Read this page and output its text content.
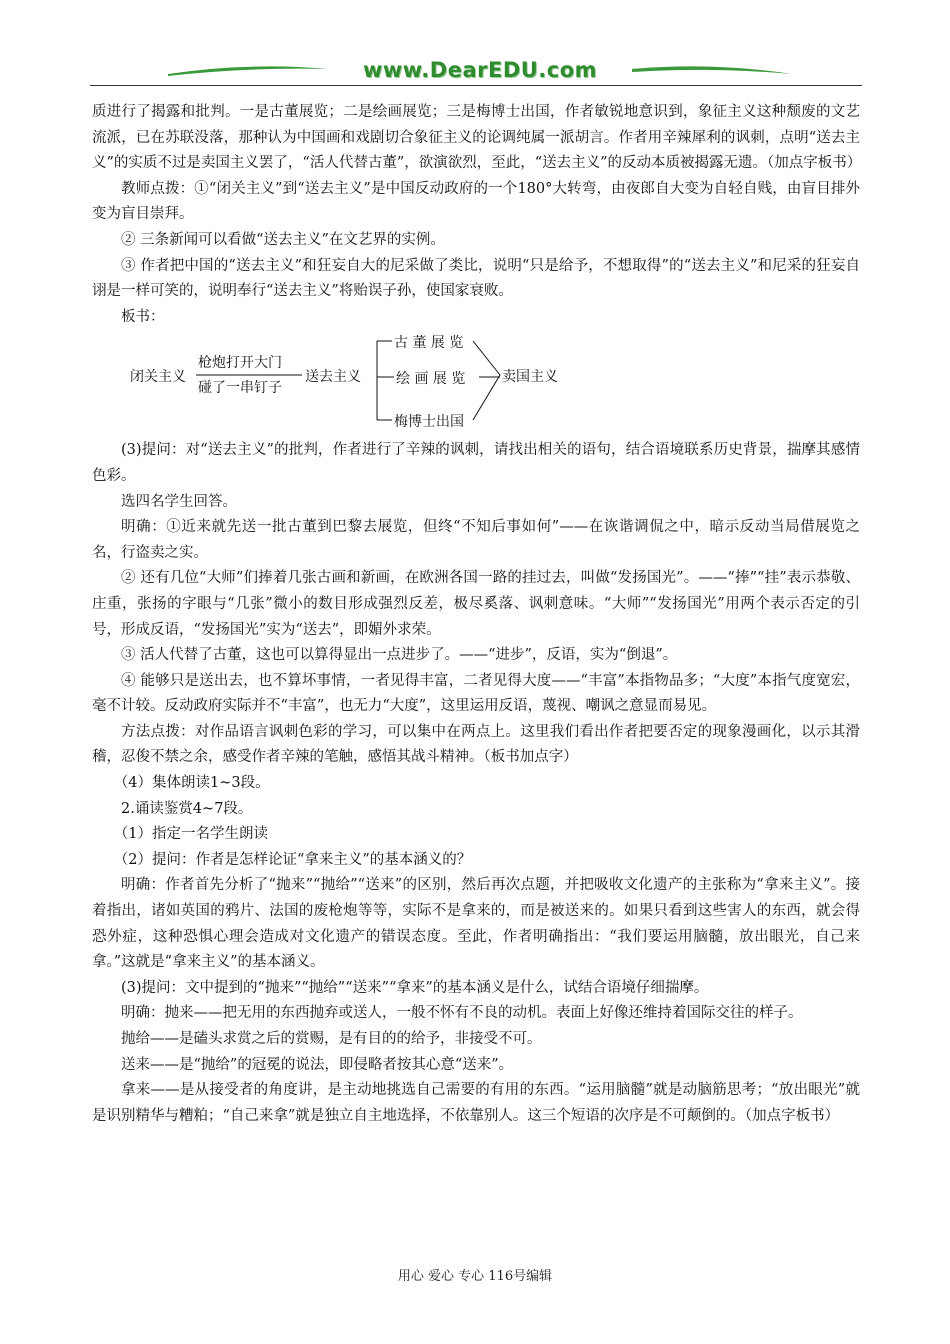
www.DearEDU.com

质进行了揭露和批判。一是古董展览；二是绘画展览；三是梅博士出国，作者敏锐地意识到，象征主义这种颓废的文艺流派，已在苏联没落，那种认为中国画和戏剧切合象征主义的论调纯属一派胡言。作者用辛辣犀利的讽刺，点明“送去主义”的实质不过是卖国主义罢了，“活人代替古董”，欲演欲烈，至此，“送去主义”的反动本质被揭露无遗。（加点字板书）

教师点拨：①“闭关主义”到“送去主义”是中国反动政府的一个180°大转弯，由夜郎自大变为自轻自贱，由盲目排外变为盲目崇拜。

② 三条新闻可以看做“送去主义”在文艺界的实例。

③ 作者把中国的“送去主义”和狂妄自大的尼采做了类比，说明“只是给予，不想取得”的“送去主义”和尼采的狂妄自诩是一样可笑的，说明奉行“送去主义”将贻误子孙，使国家衰败。

板书：

闭关主义
枪炮打开大门
碰了一串钉子
送去主义
古 董 展 览
绘 画 展 览
梅博士出国
卖国主义

(3)提问：对“送去主义”的批判，作者进行了辛辣的讽刺，请找出相关的语句，结合语境联系历史背景，揣摩其感情色彩。

选四名学生回答。

明确：①近来就先送一批古董到巴黎去展览，但终“不知后事如何”——在诙谐调侃之中，暗示反动当局借展览之名，行盗卖之实。

② 还有几位“大师”们捧着几张古画和新画，在欧洲各国一路的挂过去，叫做“发扬国光”。——“捧”“挂”表示恭敬、庄重，张扬的字眼与“几张”微小的数目形成强烈反差，极尽奚落、讽刺意味。“大师”“发扬国光”用两个表示否定的引号，形成反语，“发扬国光”实为“送去”，即媚外求荣。

③ 活人代替了古董，这也可以算得显出一点进步了。——“进步”，反语，实为“倒退”。

④ 能够只是送出去，也不算坏事情，一者见得丰富，二者见得大度——“丰富”本指物品多；“大度”本指气度宽宏，毫不计较。反动政府实际并不“丰富”，也无力“大度”，这里运用反语，蔑视、嘲讽之意显而易见。

方法点拨：对作品语言讽刺色彩的学习，可以集中在两点上。这里我们看出作者把要否定的现象漫画化，以示其滑稽，忍俊不禁之余，感受作者辛辣的笔触，感悟其战斗精神。（板书加点字）

（4）集体朗读1~3段。

2.诵读鉴赏4~7段。

（1）指定一名学生朗读

（2）提问：作者是怎样论证“拿来主义”的基本涵义的？

明确：作者首先分析了“抛来”“抛给”“送来”的区别，然后再次点题，并把吸收文化遗产的主张称为“拿来主义”。接着指出，诸如英国的鸦片、法国的废枪炮等等，实际不是拿来的，而是被送来的。如果只看到这些害人的东西，就会得恐外症，这种恐惧心理会造成对文化遗产的错误态度。至此，作者明确指出：“我们要运用脑髓，放出眼光，自己来拿。”这就是“拿来主义”的基本涵义。

(3)提问：文中提到的“抛来”“抛给”“送来”“拿来”的基本涵义是什么，试结合语境仔细揣摩。

明确：抛来——把无用的东西抛弃或送人，一般不怀有不良的动机。表面上好像还维持着国际交往的样子。

抛给——是磕头求赏之后的赏赐，是有目的的给予，非接受不可。

送来——是“抛给”的冠冕的说法，即侵略者按其心意“送来”。

拿来——是从接受者的角度讲，是主动地挑选自己需要的有用的东西。“运用脑髓”就是动脑筋思考；“放出眼光”就是识别精华与糟粕；“自己来拿”就是独立自主地选择，不依靠别人。这三个短语的次序是不可颠倒的。（加点字板书）

用心 爱心 专心 116号编辑
